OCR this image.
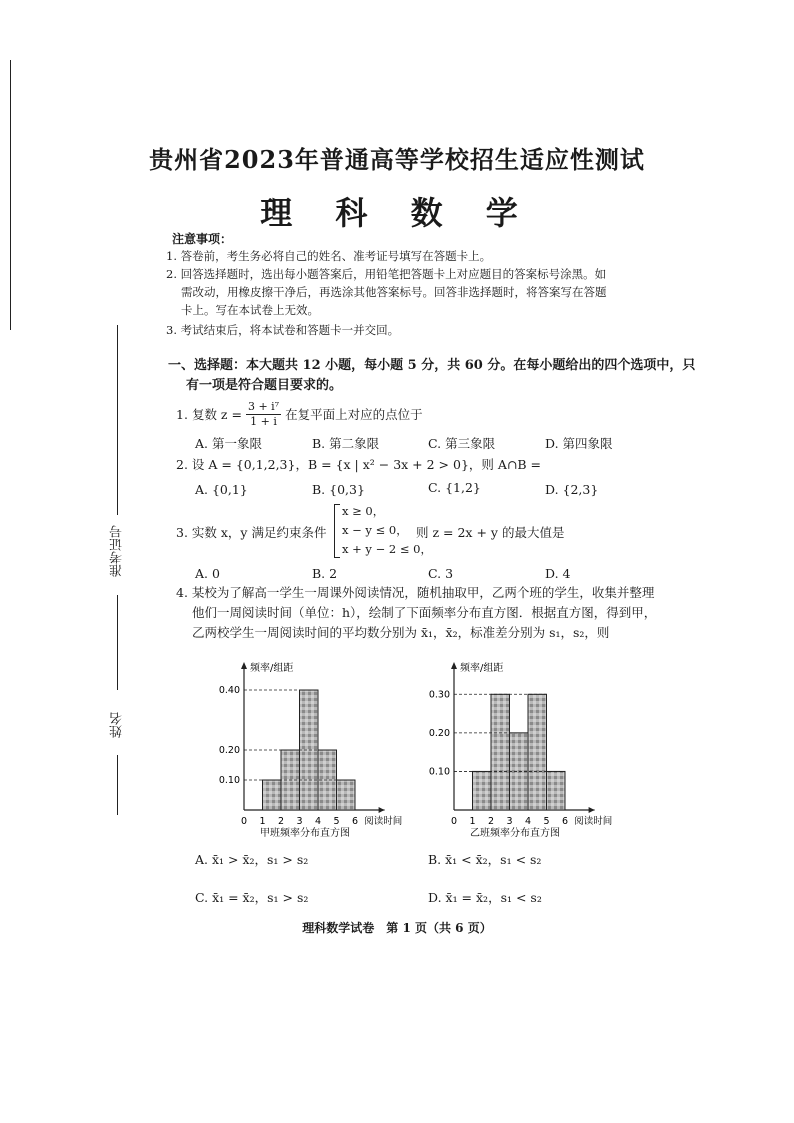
准考证号
姓名
贵州省2023年普通高等学校招生适应性测试
理 科 数 学
注意事项：
1. 答卷前，考生务必将自己的姓名、准考证号填写在答题卡上。
2. 回答选择题时，选出每小题答案后，用铅笔把答题卡上对应题目的答案标号涂黑。如
需改动，用橡皮擦干净后，再选涂其他答案标号。回答非选择题时，将答案写在答题
卡上。写在本试卷上无效。
3. 考试结束后，将本试卷和答题卡一并交回。
一、选择题：本大题共 12 小题，每小题 5 分，共 60 分。在每小题给出的四个选项中，只
有一项是符合题目要求的。
1. 复数 $z = \frac{\text{3 + i⁷}}{1 + i}$ 在复平面上对应的点位于
A. 第一象限	B. 第二象限	C. 第三象限	D. 第四象限
2. 设 A = {0,1,2,3}，B = {x | x² − 3x + 2 > 0}，则 A∩B =
A. {0,1}	B. {0,3}	C. {1,2}	D. {2,3}
3. 实数 x，y 满足约束条件
x ≥ 0，
x − y ≤ 0，
x + y − 2 ≤ 0，
则 z = 2x + y 的最大值是
A. 0	B. 2	C. 3	D. 4
4. 某校为了解高一学生一周课外阅读情况，随机抽取甲，乙两个班的学生，收集并整理
他们一周阅读时间（单位：h），绘制了下面频率分布直方图．根据直方图，得到甲，
乙两校学生一周阅读时间的平均数分别为 x̄₁，x̄₂，标准差分别为 s₁，s₂，则
频率/组距
0.10
0.20
0.40
0 1 2 3 4 5 6 阅读时间
甲班频率分布直方图
频率/组距
0.10
0.20
0.30
0 1 2 3 4 5 6 阅读时间
乙班频率分布直方图
A. x̄₁ > x̄₂，s₁ > s₂	B. x̄₁ < x̄₂，s₁ < s₂
C. x̄₁ = x̄₂，s₁ > s₂	D. x̄₁ = x̄₂，s₁ < s₂
理科数学试卷　第 1 页（共 6 页）
